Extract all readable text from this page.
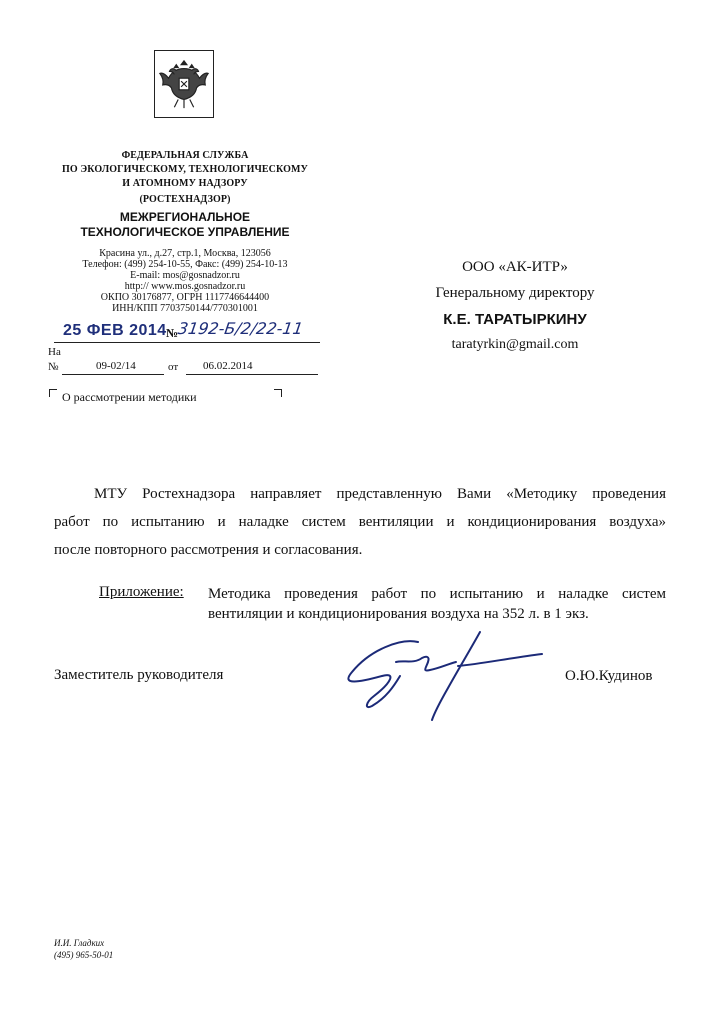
ФЕДЕРАЛЬНАЯ СЛУЖБА
ПО ЭКОЛОГИЧЕСКОМУ, ТЕХНОЛОГИЧЕСКОМУ
И АТОМНОМУ НАДЗОРУ
(РОСТЕХНАДЗОР)
МЕЖРЕГИОНАЛЬНОЕ
ТЕХНОЛОГИЧЕСКОЕ УПРАВЛЕНИЕ
Красина ул., д.27, стр.1, Москва, 123056
Телефон: (499) 254-10-55, Факс: (499) 254-10-13
E-mail: mos@gosnadzor.ru
http:// www.mos.gosnadzor.ru
ОКПО 30176877, ОГРН 1117746644400
ИНН/КПП 7703750144/770301001
25 ФЕВ 2014 №
3192-Б/2/22-11
На
№	09-02/14	от 06.02.2014
О рассмотрении методики
ООО «АК-ИТР»
Генеральному директору
К.Е. ТАРАТЫРКИНУ
taratyrkin@gmail.com
МТУ Ростехнадзора направляет представленную Вами «Методику проведения
работ по испытанию и наладке систем вентиляции и кондиционирования воздуха»
после повторного рассмотрения и согласования.
Приложение: Методика проведения работ по испытанию и наладке систем
вентиляции и кондиционирования воздуха на 352 л. в 1 экз.
Заместитель руководителя	О.Ю.Кудинов
И.И. Гладких
(495) 965-50-01
